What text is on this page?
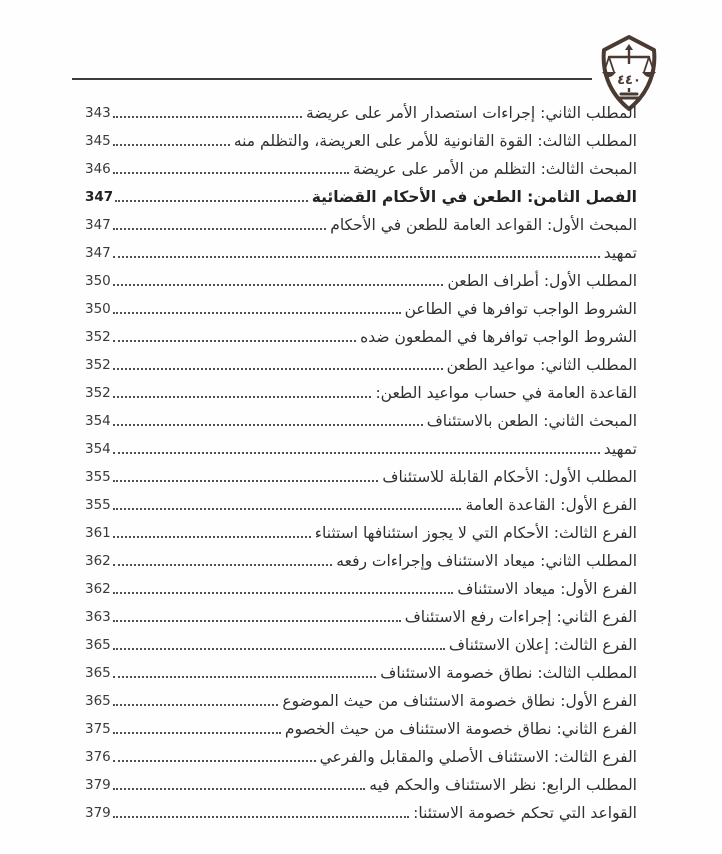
٤٤٠
المطلب الثاني: إجراءات استصدار الأمر على عريضة
343
المطلب الثالث: القوة القانونية للأمر على العريضة، والتظلم منه
345
المبحث الثالث: التظلم من الأمر على عريضة
346
الفصل الثامن: الطعن في الأحكام القضائية
347
المبحث الأول: القواعد العامة للطعن في الأحكام
347
تمهيد
347
المطلب الأول: أطراف الطعن
350
الشروط الواجب توافرها في الطاعن
350
الشروط الواجب توافرها في المطعون ضده
352
المطلب الثاني: مواعيد الطعن
352
القاعدة العامة في حساب مواعيد الطعن:
352
المبحث الثاني: الطعن بالاستئناف
354
تمهيد
354
المطلب الأول: الأحكام القابلة للاستئناف
355
الفرع الأول: القاعدة العامة
355
الفرع الثالث: الأحكام التي لا يجوز استئنافها استثناء
361
المطلب الثاني: ميعاد الاستئناف وإجراءات رفعه
362
الفرع الأول: ميعاد الاستئناف
362
الفرع الثاني: إجراءات رفع الاستئناف
363
الفرع الثالث: إعلان الاستئناف
365
المطلب الثالث: نطاق خصومة الاستئناف
365
الفرع الأول: نطاق خصومة الاستئناف من حيث الموضوع
365
الفرع الثاني: نطاق خصومة الاستئناف من حيث الخصوم
375
الفرع الثالث: الاستئناف الأصلي والمقابل والفرعي
376
المطلب الرابع: نظر الاستئناف والحكم فيه
379
القواعد التي تحكم خصومة الاستئنا:
379
